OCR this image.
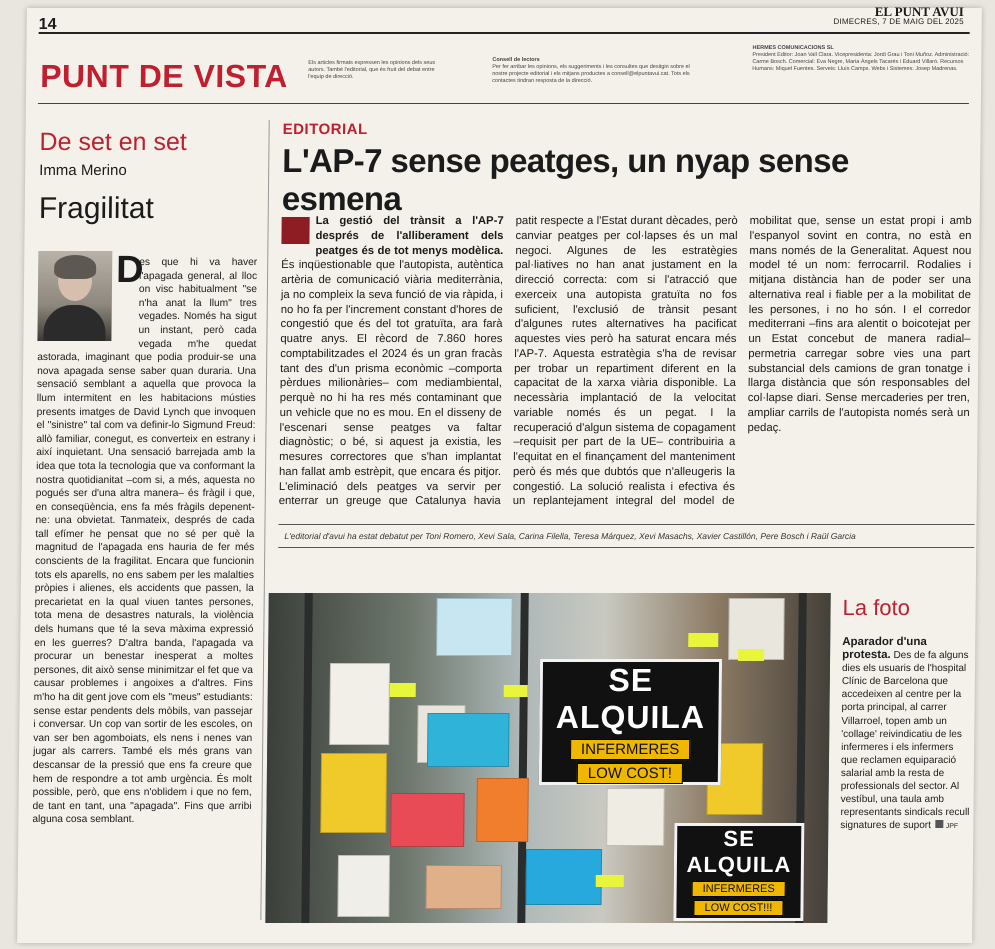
14
EL PUNT AVUI
DIMECRES, 7 DE MAIG DEL 2025
PUNT DE VISTA	Els articles firmats expressen les opinions dels seus autors. També l'editorial, que és fruit del debat entre l'equip de direcció.
Consell de lectors
Per fer arribar les opinions, els suggeriments i les consultes que desitgin sobre el nostre projecte editorial i els mitjans productes a consell@elpuntavui.cat. Tots els contactes tindran resposta de la direcció.
HERMES COMUNICACIONS SL
President Editor: Joan Vall Clara. Vicepresidenta: Jordi Grau i Toni Muñoz. Administració: Carme Bosch. Comercial: Eva Negre, Maria Àngels Tacarés i Eduard Villaró. Recursos Humans: Miquel Fuentes. Serveis: Lluís Camps. Webs i Sistemes: Josep Madrenas.
De set en set
Imma Merino
Fragilitat
D
es que hi va haver l'apagada general, al lloc on visc habitualment "se n'ha anat la llum" tres vegades. Només ha sigut un instant, però cada vegada m'he quedat astorada, imaginant que podia produir-se una nova apagada sense saber quan duraria. Una sensació semblant a aquella que provoca la llum intermitent en les habitacions músties presents imatges de David Lynch que invoquen el "sinistre" tal com va definir-lo Sigmund Freud: allò familiar, conegut, es converteix en estrany i així inquietant. Una sensació barrejada amb la idea que tota la tecnologia que va conformant la nostra quotidianitat –com si, a més, aquesta no pogués ser d'una altra manera– és fràgil i que, en conseqüència, ens fa més fràgils depenent-ne: una obvietat. Tanmateix, després de cada tall efímer he pensat que no sé per què la magnitud de l'apagada ens hauria de fer més conscients de la fragilitat. Encara que funcionin tots els aparells, no ens sabem per les malalties pròpies i alienes, els accidents que passen, la precarietat en la qual viuen tantes persones, tota mena de desastres naturals, la violència dels humans que té la seva màxima expressió en les guerres? D'altra banda, l'apagada va procurar un benestar inesperat a moltes persones, dit això sense minimitzar el fet que va causar problemes i angoixes a d'altres. Fins m'ho ha dit gent jove com els "meus" estudiants: sense estar pendents dels mòbils, van passejar i conversar. Un cop van sortir de les escoles, on van ser ben agomboiats, els nens i nenes van jugar als carrers. També els més grans van descansar de la pressió que ens fa creure que hem de respondre a tot amb urgència. És molt possible, però, que ens n'oblidem i que no fem, de tant en tant, una "apagada". Fins que arribi alguna cosa semblant.
EDITORIAL
L'AP-7 sense peatges, un nyap sense esmena
La gestió del trànsit a l'AP-7 després de l'alliberament dels peatges és de tot menys modèlica. És inqüestionable que l'autopista, autèntica artèria de comunicació viària mediterrània, ja no compleix la seva funció de via ràpida, i no ho fa per l'increment constant d'hores de congestió que és del tot gratuïta, ara farà quatre anys. El rècord de 7.860 hores comptabilitzades el 2024 és un gran fracàs tant des d'un prisma econòmic –comporta pèrdues milionàries– com mediambiental, perquè no hi ha res més contaminant que un vehicle que no es mou. En el disseny de l'escenari sense peatges va faltar diagnòstic; o bé, si aquest ja existia, les mesures correctores que s'han implantat han fallat amb estrèpit, que encara és pitjor. L'eliminació dels peatges va servir per enterrar un greuge que Catalunya havia patit respecte a l'Estat durant dècades, però canviar peatges per col·lapses és un mal negoci. Algunes de les estratègies pal·liatives no han anat justament en la direcció correcta: com si l'atracció que exerceix una autopista gratuïta no fos suficient, l'exclusió de trànsit pesant d'algunes rutes alternatives ha pacificat aquestes vies però ha saturat encara més l'AP-7. Aquesta estratègia s'ha de revisar per trobar un repartiment diferent en la capacitat de la xarxa viària disponible. La necessària implantació de la velocitat variable només és un pegat. I la recuperació d'algun sistema de copagament –requisit per part de la UE– contribuiria a l'equitat en el finançament del manteniment però és més que dubtós que n'alleugeris la congestió. La solució realista i efectiva és un replantejament integral del model de mobilitat que, sense un estat propi i amb l'espanyol sovint en contra, no està en mans només de la Generalitat. Aquest nou model té un nom: ferrocarril. Rodalies i mitjana distància han de poder ser una alternativa real i fiable per a la mobilitat de les persones, i no ho són. I el corredor mediterrani –fins ara alentit o boicotejat per un Estat concebut de manera radial– permetria carregar sobre vies una part substancial dels camions de gran tonatge i llarga distància que són responsables del col·lapse diari. Sense mercaderies per tren, ampliar carrils de l'autopista només serà un pedaç.
L'editorial d'avui ha estat debatut per Toni Romero, Xevi Sala, Carina Filella, Teresa Márquez, Xevi Masachs, Xavier Castillón, Pere Bosch i Raül Garcia
SE ALQUILA
INFERMERES
LOW COST!
SE ALQUILA
INFERMERES
LOW COST!!!
La foto
Aparador d'una protesta. Des de fa alguns dies els usuaris de l'hospital Clínic de Barcelona que accedeixen al centre per la porta principal, al carrer Villarroel, topen amb un 'collage' reivindicatiu de les infermeres i els infermers que reclamen equiparació salarial amb la resta de professionals del sector. Al vestíbul, una taula amb representants sindicals recull signatures de suport JPF
